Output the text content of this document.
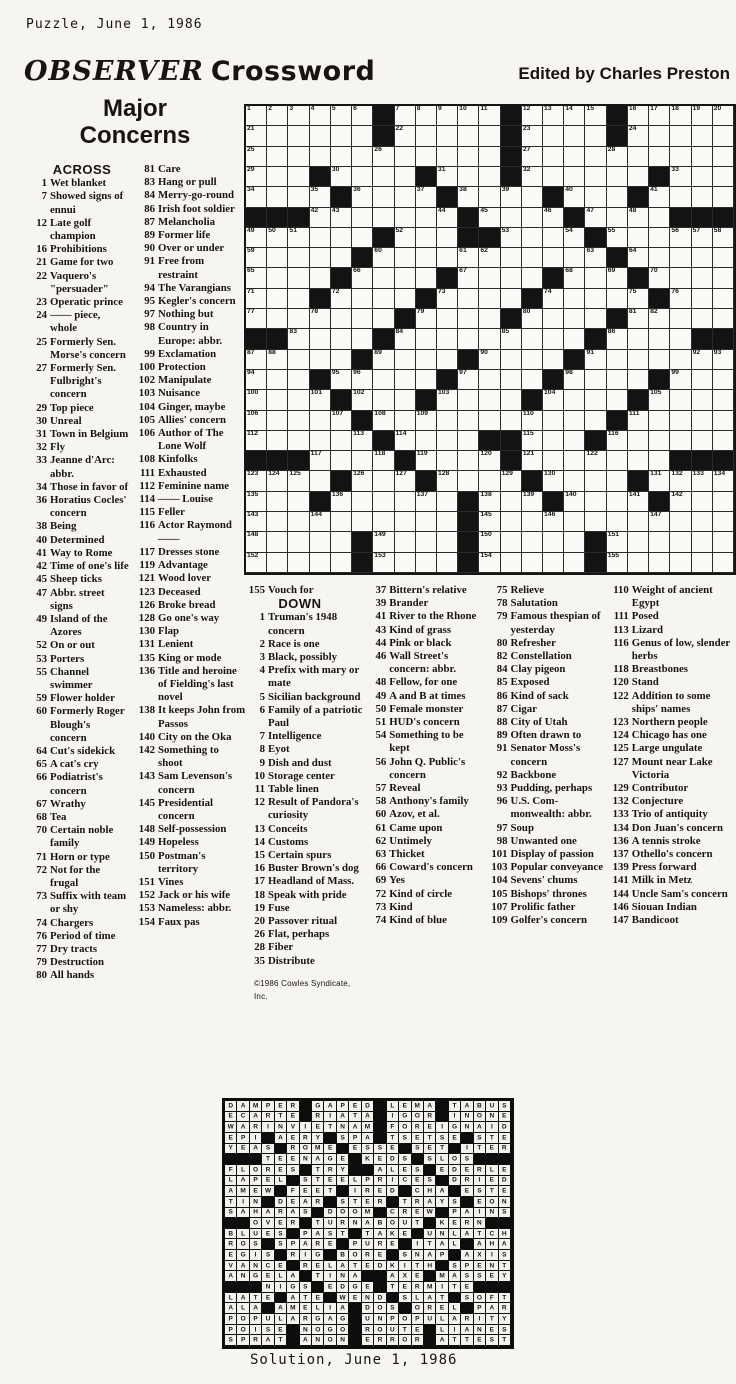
Puzzle, June 1, 1986
OBSERVER Crossword	Edited by Charles Preston
Major
Concerns
ACROSS
1 Wet blanket
7 Showed signs of ennui
12 Late golf champion
16 Prohibitions
21 Game for two
22 Vaquero's "persuader"
23 Operatic prince
24 —— piece, whole
25 Formerly Sen. Morse's concern
27 Formerly Sen. Fulbright's concern
29 Top piece
30 Unreal
31 Town in Belgium
32 Fly
33 Jeanne d'Arc: abbr.
34 Those in favor of
36 Horatius Cocles' concern
38 Being
40 Determined
41 Way to Rome
42 Time of one's life
45 Sheep ticks
47 Abbr. street signs
49 Island of the Azores
52 On or out
53 Porters
55 Channel swimmer
59 Flower holder
60 Formerly Roger Blough's concern
64 Cut's sidekick
65 A cat's cry
66 Podiatrist's concern
67 Wrathy
68 Tea
70 Certain noble family
71 Horn or type
72 Not for the frugal
73 Suffix with team or shy
74 Chargers
76 Period of time
77 Dry tracts
79 Destruction
80 All hands
81 Care
83 Hang or pull
84 Merry-go-round
86 Irish foot soldier
87 Melancholia
89 Former life
90 Over or under
91 Free from restraint
94 The Varangians
95 Kegler's concern
97 Nothing but
98 Country in Europe: abbr.
99 Exclamation
100 Protection
102 Manipulate
103 Nuisance
104 Ginger, maybe
105 Allies' concern
106 Author of The Lone Wolf
108 Kinfolks
111 Exhausted
112 Feminine name
114 —— Louise
115 Feller
116 Actor Raymond ——
117 Dresses stone
119 Advantage
121 Wood lover
123 Deceased
126 Broke bread
128 Go one's way
130 Flap
131 Lenient
135 King or mode
136 Title and heroine of Fielding's last novel
138 It keeps John from Passos
140 City on the Oka
142 Something to shoot
143 Sam Levenson's concern
145 Presidential concern
148 Self-possession
149 Hopeless
150 Postman's territory
151 Vines
152 Jack or his wife
153 Nameless: abbr.
154 Faux pas
1	2	3	4	5	6	7	8	9	10 11	12 13 14 15	16 17 18 19 20
21	22	23	24
25	26	27	28
29	30	31	32	33
34	35	36	37	38	39	40	41
42 43	44	45	46	47	48
49 50 51	52	53	54	55	56 57 58
59	60	61 62	63	64
65	66	67	68	69	70
71	72	73	74	75	76
77	78	79	80	81 82
83	84	85	86
87 88	89	90	91	92 93
94	95 96	97	98	99
100	101	102	103	104	105
106	107	108	109	110	111
112	113	114	115	116
117	118	119	120	121	122
123 124 125	126	127	128	129	130	131 132 133 134
135	136	137	138	139	140	141	142
143	144	145	146	147
148	149	150	151
152	153	154	155
155 Vouch for
DOWN
1 Truman's 1948 concern
2 Race is one
3 Black, possibly
4 Prefix with mary or mate
5 Sicilian background
6 Family of a patriotic Paul
7 Intelligence
8 Eyot
9 Dish and dust
10 Storage center
11 Table linen
12 Result of Pandora's curiosity
13 Conceits
14 Customs
15 Certain spurs
16 Buster Brown's dog
17 Headland of Mass.
18 Speak with pride
19 Fuse
20 Passover ritual
26 Flat, perhaps
28 Fiber
35 Distribute
©1986 Cowles Syndicate, Inc.
37 Bittern's relative
39 Brander
41 River to the Rhone
43 Kind of grass
44 Pink or black
46 Wall Street's concern: abbr.
48 Fellow, for one
49 A and B at times
50 Female monster
51 HUD's concern
54 Something to be kept
56 John Q. Public's concern
57 Reveal
58 Anthony's family
60 Azov, et al.
61 Came upon
62 Untimely
63 Thicket
66 Coward's concern
69 Yes
72 Kind of circle
73 Kind
74 Kind of blue
75 Relieve
78 Salutation
79 Famous thespian of yesterday
80 Refresher
82 Constellation
84 Clay pigeon
85 Exposed
86 Kind of sack
87 Cigar
88 City of Utah
89 Often drawn to
91 Senator Moss's concern
92 Backbone
93 Pudding, perhaps
96 U.S. Commonwealth: abbr.
97 Soup
98 Unwanted one
101 Display of passion
103 Popular conveyance
104 Sevens' chums
105 Bishops' thrones
107 Prolific father
109 Golfer's concern
110 Weight of ancient Egypt
111 Posed
113 Lizard
116 Genus of low, slender herbs
118 Breastbones
120 Stand
122 Addition to some ships' names
123 Northern people
124 Chicago has one
125 Large ungulate
127 Mount near Lake Victoria
129 Contributor
132 Conjecture
133 Trio of antiquity
134 Don Juan's concern
136 A tennis stroke
137 Othello's concern
139 Press forward
141 Milk in Metz
144 Uncle Sam's concern
146 Siouan Indian
147 Bandicoot
D	A	M	P	E	R	G	A	P	E	D	L	E	M	A	T	A	B	U	S
E	C	A	R	T	E	R	I	A	T	A	I	G	O	R	I	N	O	N	E
W	A	R	I	N	V	I	E	T	N	A	M	F	O	R	E	I	G	N	A	I	D
E	P	I	A	E	R	Y	S	P	A	T	S	E	T	S	E	S	T	E
Y	E	A	S	R	O	M	E	E	S	S	E	S	E	T	I	T	E	R
T	E	E	N	A	G	E	K	E	D	S	S	L	O	S
F	L	O	R	E	S	T	R	Y	A	L	E	S	E	D	E	R	L	E
L	A	P	E	L	S	T	E	E	L	P	R	I	C	E	S	D	R	I	E	D
A	M	E	W	F	E	E	T	I	R	E	D	C	H	A	E	S	T	E
T	I	N	D	E	A	R	S	T	E	R	T	R	A	Y	S	E	O	N
S	A	H	A	R	A	S	D	O	O	M	C	R	E	W	P	A	I	N	S
O	V	E	R	T	U	R	N	A	B	O	U	T	K	E	R	N
B	L	U	E	S	P	A	S	T	T	A	K	E	U	N	L	A	T	C	H
R	O	S	S	P	A	R	E	P	U	R	E	I	T	A	L	A	H	A
E	G	I	S	R	I	G	B	O	R	E	S	N	A	P	A	X	I	S
V	A	N	C	E	R	E	L	A	T	E	D	K	I	T	H	S	P	E	N	T
A	N	G	E	L	A	T	I	N	A	A	X	E	M	A	S	S	E	Y
N	I	G	S	E	D	G	E	T	E	R	M	I	T	E
L	A	T	E	A	T	E	W	E	N	D	S	L	A	T	S	O	F	T
A	L	A	A	M	E	L	I	A	D	O	S	O	R	E	L	P	A	R
P	O	P	U	L	A	R	G	A	G	U	N	P	O	P	U	L	A	R	I	T	Y
P	O	I	S	E	N	O	G	O	R	O	U	T	E	L	I	A	N	E	S
S	P	R	A	T	A	N	O	N	E	R	R	O	R	A	T	T	E	S	T
Solution, June 1, 1986
